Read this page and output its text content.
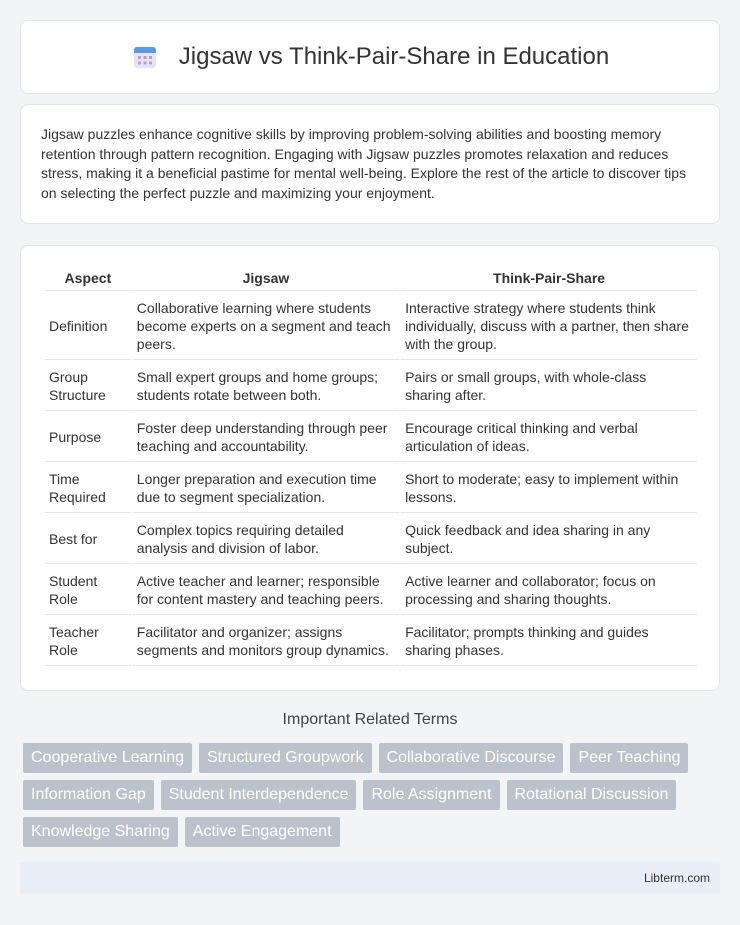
Jigsaw vs Think-Pair-Share in Education

Jigsaw puzzles enhance cognitive skills by improving problem-solving abilities and boosting memory retention through pattern recognition. Engaging with Jigsaw puzzles promotes relaxation and reduces stress, making it a beneficial pastime for mental well-being. Explore the rest of the article to discover tips on selecting the perfect puzzle and maximizing your enjoyment.

Aspect	Jigsaw	Think-Pair-Share
Definition	Collaborative learning where students become experts on a segment and teach peers.	Interactive strategy where students think individually, discuss with a partner, then share with the group.
Group Structure	Small expert groups and home groups; students rotate between both.	Pairs or small groups, with whole-class sharing after.
Purpose	Foster deep understanding through peer teaching and accountability.	Encourage critical thinking and verbal articulation of ideas.
Time Required	Longer preparation and execution time due to segment specialization.	Short to moderate; easy to implement within lessons.
Best for	Complex topics requiring detailed analysis and division of labor.	Quick feedback and idea sharing in any subject.
Student Role	Active teacher and learner; responsible for content mastery and teaching peers.	Active learner and collaborator; focus on processing and sharing thoughts.
Teacher Role	Facilitator and organizer; assigns segments and monitors group dynamics.	Facilitator; prompts thinking and guides sharing phases.
Important Related Terms
Cooperative Learning	Structured Groupwork	Collaborative Discourse	Peer Teaching
Information Gap	Student Interdependence	Role Assignment	Rotational Discussion
Knowledge Sharing	Active Engagement
Libterm.com
